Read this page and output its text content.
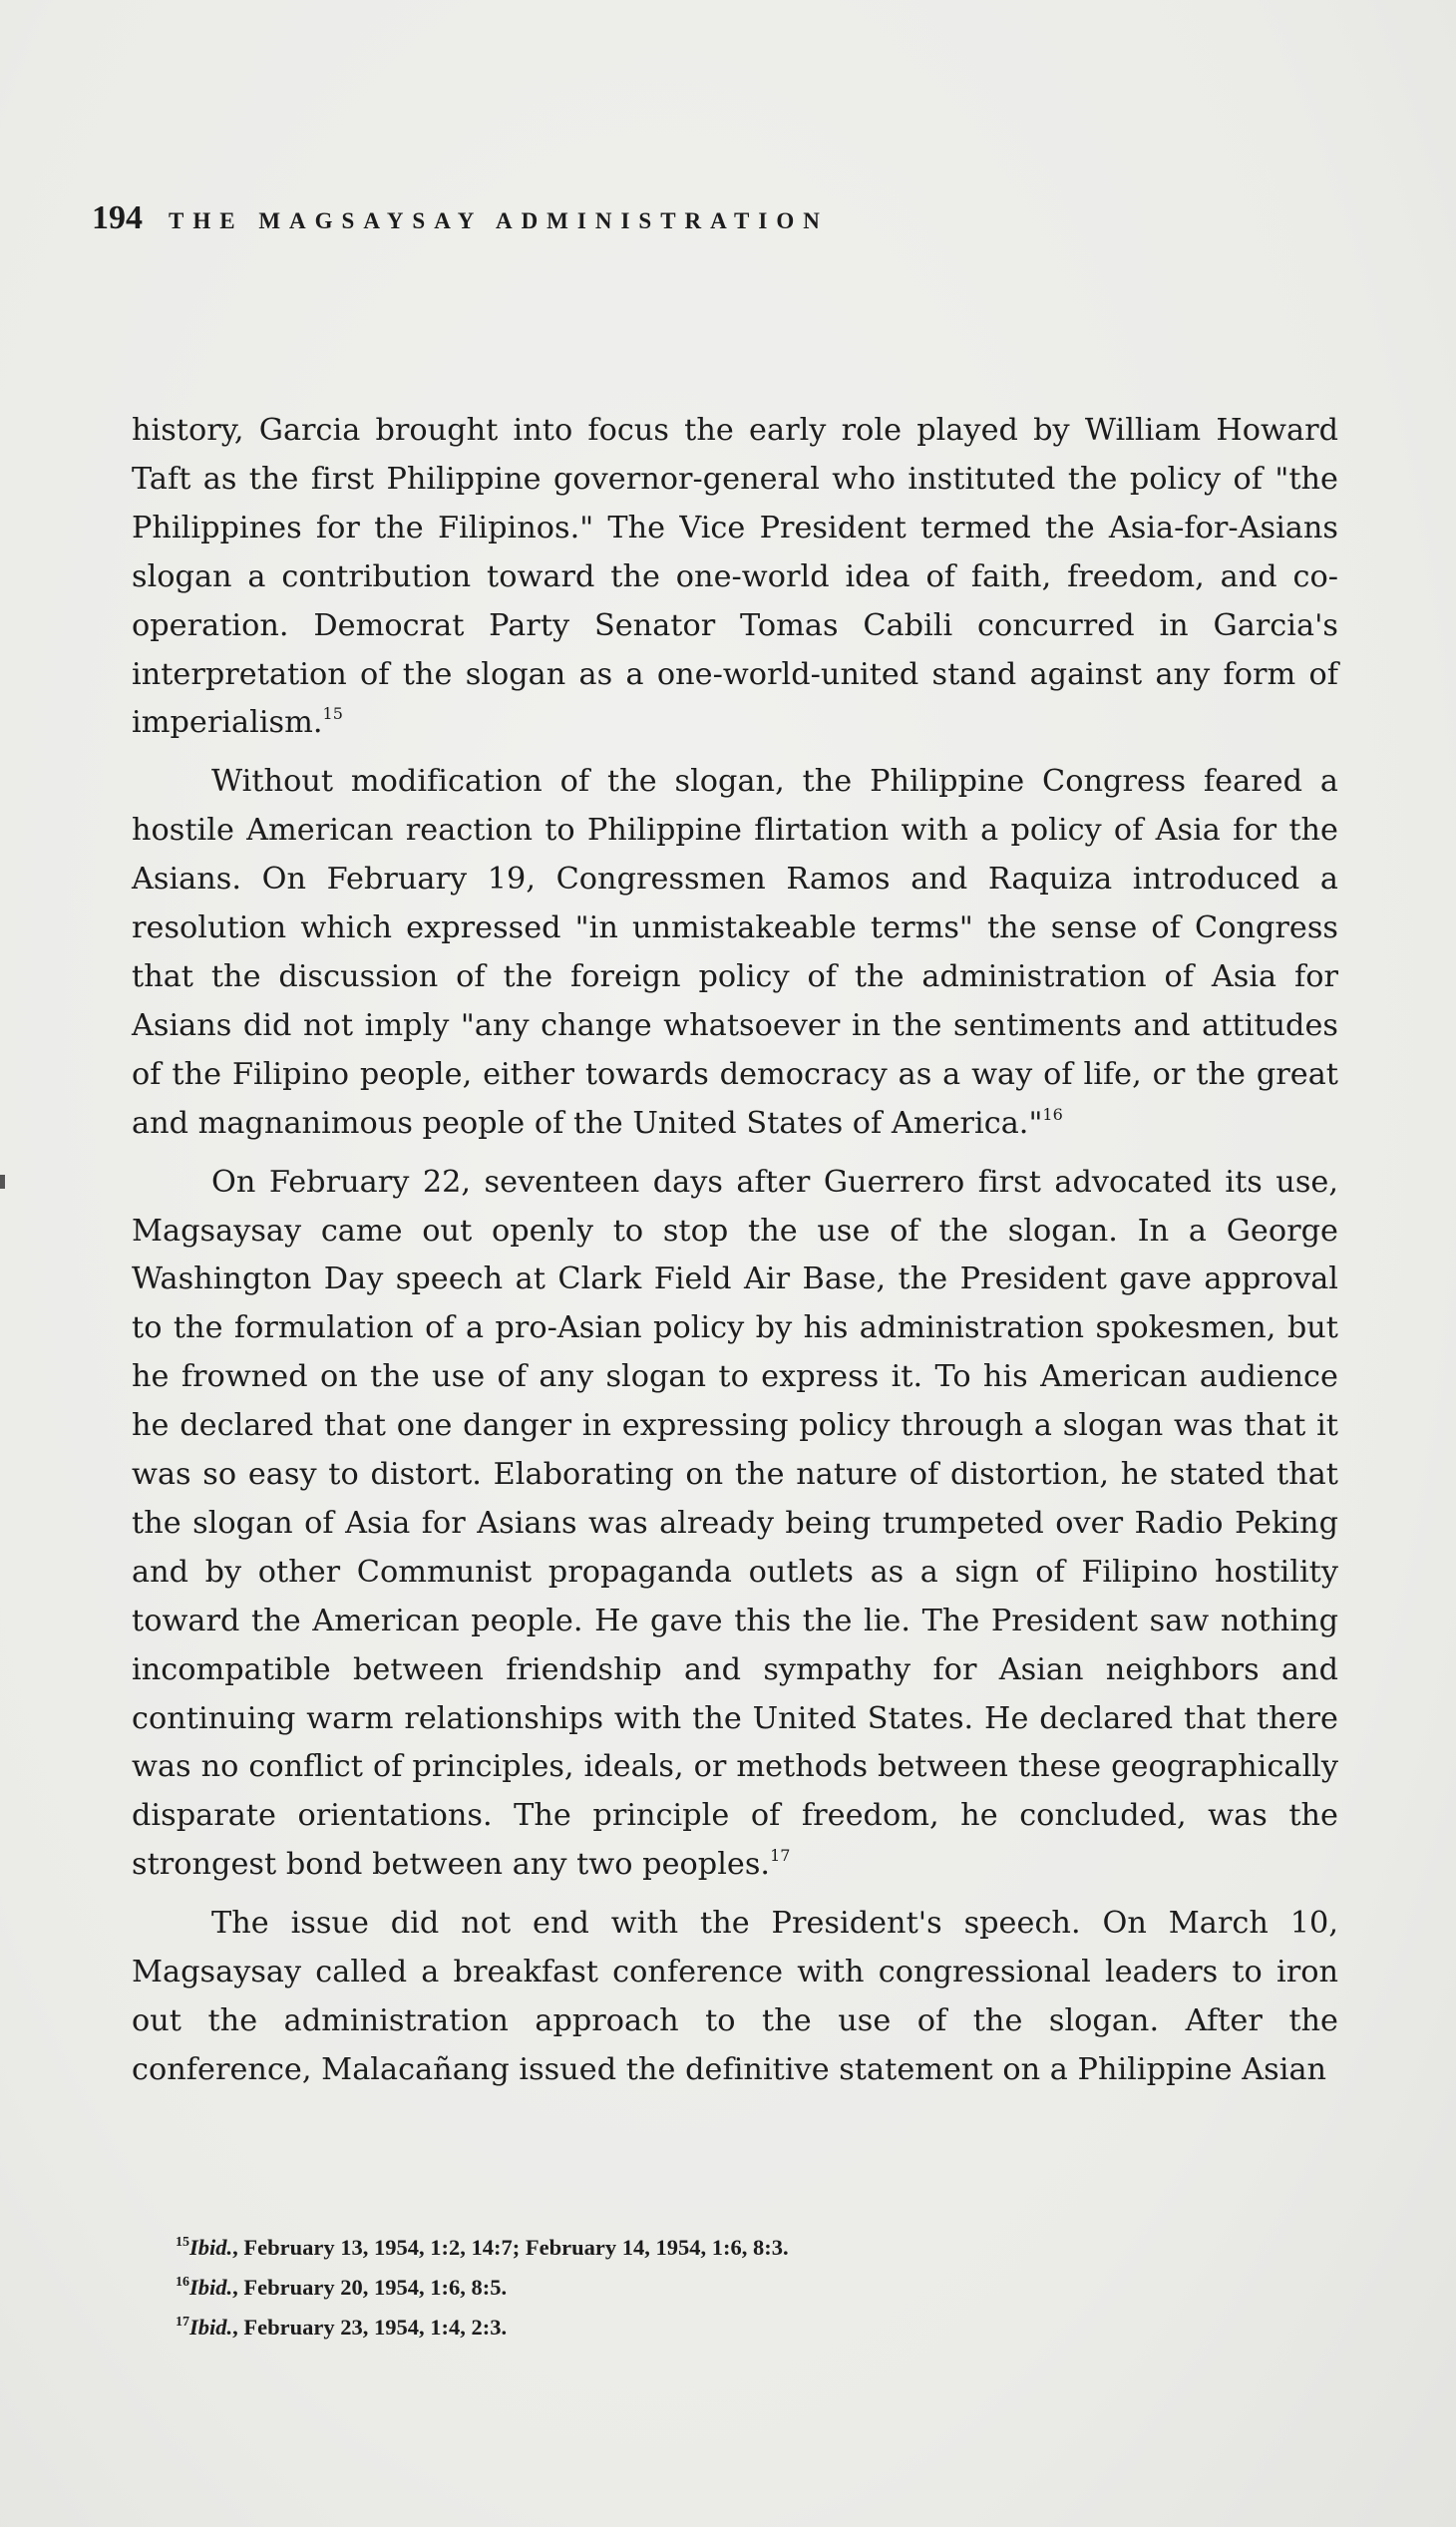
194 THE MAGSAYSAY ADMINISTRATION

history, Garcia brought into focus the early role played by William Howard Taft as the first Philippine governor-general who instituted the policy of "the Philippines for the Filipinos." The Vice President termed the Asia-for-Asians slogan a contribution toward the one-world idea of faith, freedom, and co-operation. Democrat Party Senator Tomas Cabili concurred in Garcia's interpretation of the slogan as a one-world-united stand against any form of imperialism.$^{15}$

Without modification of the slogan, the Philippine Congress feared a hostile American reaction to Philippine flirtation with a policy of Asia for the Asians. On February 19, Congressmen Ramos and Raquiza introduced a resolution which expressed "in unmistakeable terms" the sense of Congress that the discussion of the foreign policy of the administration of Asia for Asians did not imply "any change whatsoever in the sentiments and attitudes of the Filipino people, either towards democracy as a way of life, or the great and magnanimous people of the United States of America."$^{16}$

On February 22, seventeen days after Guerrero first advocated its use, Magsaysay came out openly to stop the use of the slogan. In a George Washington Day speech at Clark Field Air Base, the President gave approval to the formulation of a pro-Asian policy by his administration spokesmen, but he frowned on the use of any slogan to express it. To his American audience he declared that one danger in expressing policy through a slogan was that it was so easy to distort. Elaborating on the nature of distortion, he stated that the slogan of Asia for Asians was already being trumpeted over Radio Peking and by other Communist propaganda outlets as a sign of Filipino hostility toward the American people. He gave this the lie. The President saw nothing incompatible between friendship and sympathy for Asian neighbors and continuing warm relationships with the United States. He declared that there was no conflict of principles, ideals, or methods between these geographically disparate orientations. The principle of freedom, he concluded, was the strongest bond between any two peoples.$^{17}$

The issue did not end with the President's speech. On March 10, Magsaysay called a breakfast conference with congressional leaders to iron out the administration approach to the use of the slogan. After the conference, Malacañang issued the definitive statement on a Philippine Asian

$^{15}$Ibid., February 13, 1954, 1:2, 14:7; February 14, 1954, 1:6, 8:3.

$^{16}$Ibid., February 20, 1954, 1:6, 8:5.

$^{17}$Ibid., February 23, 1954, 1:4, 2:3.
